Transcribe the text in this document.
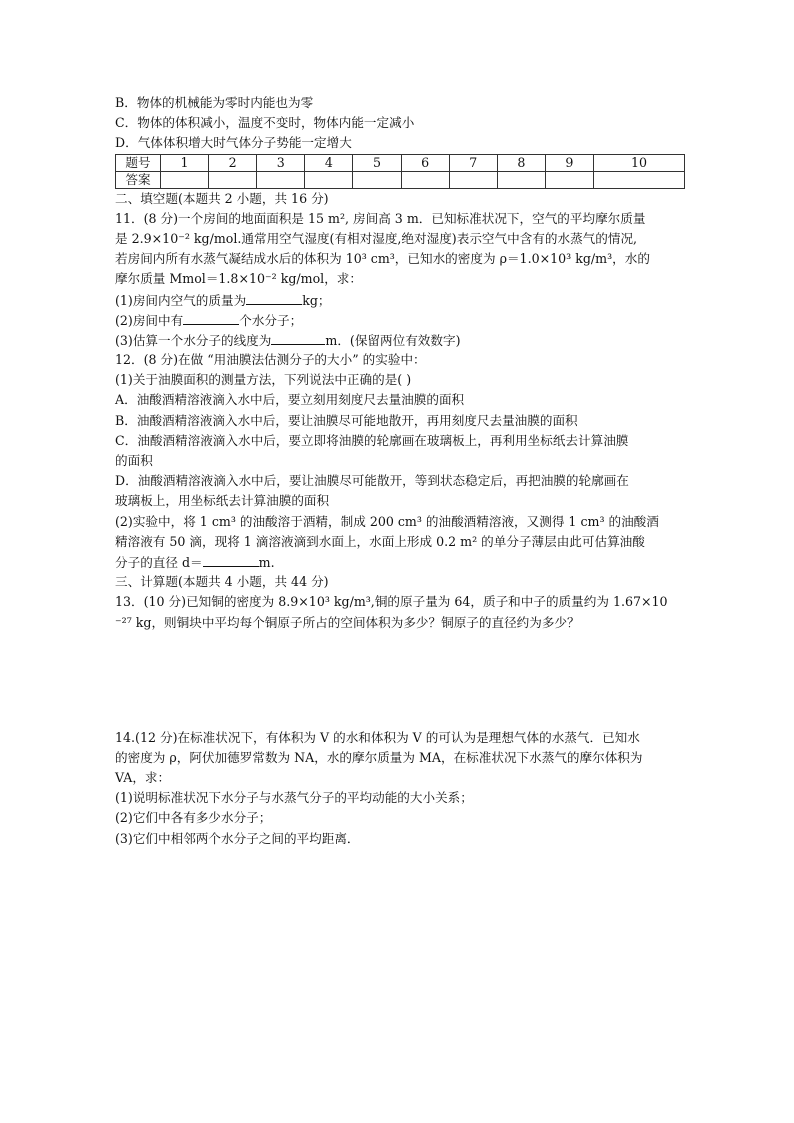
B．物体的机械能为零时内能也为零
C．物体的体积减小，温度不变时，物体内能一定减小
D．气体体积增大时气体分子势能一定增大
题号	1	2	3	4	5	6	7	8	9	10
答案										
二、填空题(本题共 2 小题，共 16 分)
11．(8 分)一个房间的地面面积是 15 m², 房间高 3 m．已知标准状况下，空气的平均摩尔质量
是 2.9×10⁻² kg/mol.通常用空气湿度(有相对湿度,绝对湿度)表示空气中含有的水蒸气的情况,
若房间内所有水蒸气凝结成水后的体积为 10³ cm³，已知水的密度为 ρ＝1.0×10³ kg/m³，水的
摩尔质量 Mmol＝1.8×10⁻² kg/mol，求：
(1)房间内空气的质量为	kg；
(2)房间中有	个水分子；
(3)估算一个水分子的线度为	m．(保留两位有效数字)
12．(8 分)在做 “用油膜法估测分子的大小” 的实验中：
(1)关于油膜面积的测量方法，下列说法中正确的是( )
A．油酸酒精溶液滴入水中后，要立刻用刻度尺去量油膜的面积
B．油酸酒精溶液滴入水中后，要让油膜尽可能地散开，再用刻度尺去量油膜的面积
C．油酸酒精溶液滴入水中后，要立即将油膜的轮廓画在玻璃板上，再利用坐标纸去计算油膜
的面积
D．油酸酒精溶液滴入水中后，要让油膜尽可能散开，等到状态稳定后，再把油膜的轮廓画在
玻璃板上，用坐标纸去计算油膜的面积
(2)实验中，将 1 cm³ 的油酸溶于酒精，制成 200 cm³ 的油酸酒精溶液，又测得 1 cm³ 的油酸酒
精溶液有 50 滴，现将 1 滴溶液滴到水面上，水面上形成 0.2 m² 的单分子薄层由此可估算油酸
分子的直径 d＝	m.
三、计算题(本题共 4 小题，共 44 分)
13．(10 分)已知铜的密度为 8.9×10³ kg/m³,铜的原子量为 64，质子和中子的质量约为 1.67×10
⁻²⁷ kg，则铜块中平均每个铜原子所占的空间体积为多少？铜原子的直径约为多少？
14.(12 分)在标准状况下，有体积为 V 的水和体积为 V 的可认为是理想气体的水蒸气．已知水
的密度为 ρ，阿伏加德罗常数为 NA，水的摩尔质量为 MA，在标准状况下水蒸气的摩尔体积为
VA，求：
(1)说明标准状况下水分子与水蒸气分子的平均动能的大小关系；
(2)它们中各有多少水分子；
(3)它们中相邻两个水分子之间的平均距离．
